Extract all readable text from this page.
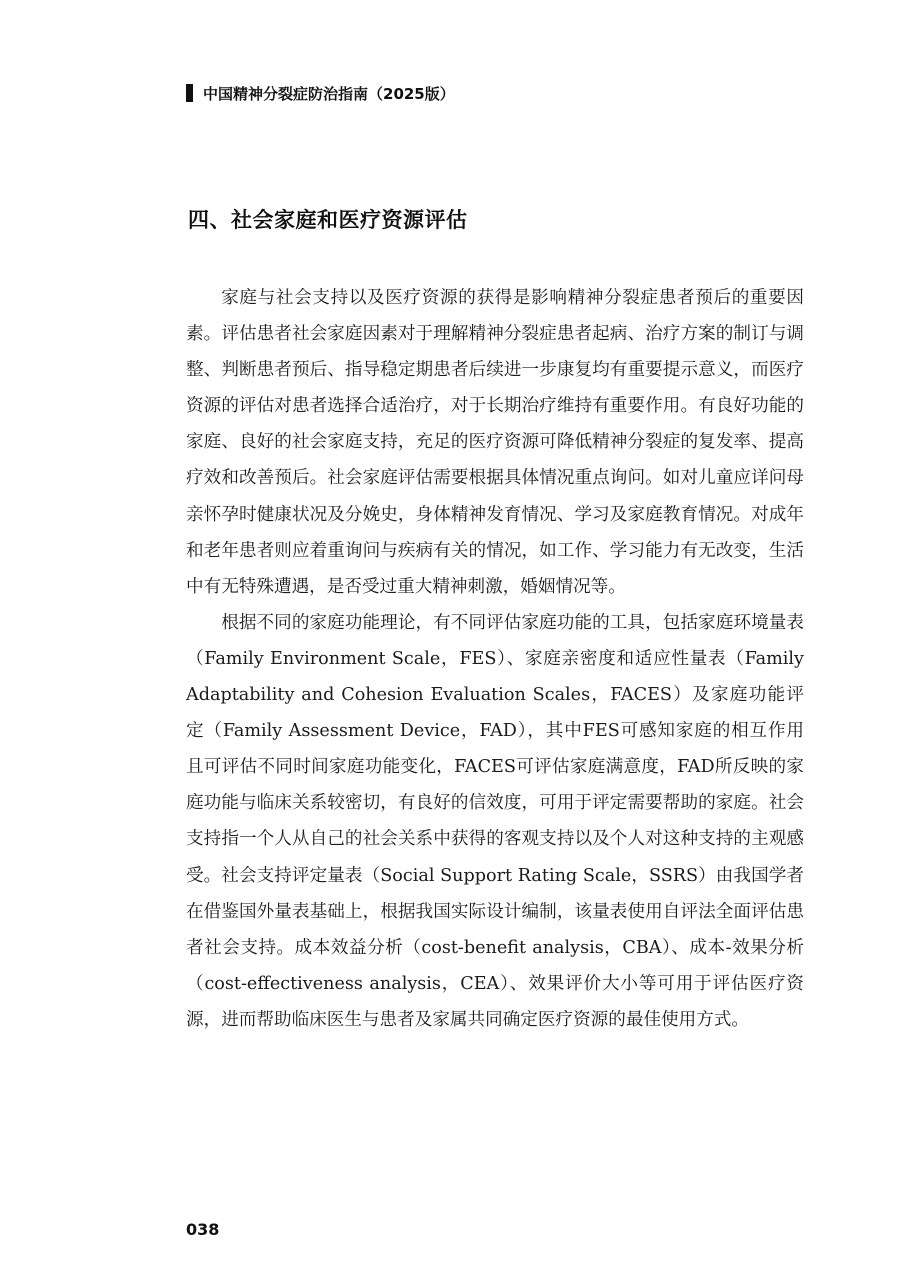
中国精神分裂症防治指南（2025版）
四、社会家庭和医疗资源评估

家庭与社会支持以及医疗资源的获得是影响精神分裂症患者预后的重要因素。评估患者社会家庭因素对于理解精神分裂症患者起病、治疗方案的制订与调整、判断患者预后、指导稳定期患者后续进一步康复均有重要提示意义，而医疗资源的评估对患者选择合适治疗，对于长期治疗维持有重要作用。有良好功能的家庭、良好的社会家庭支持，充足的医疗资源可降低精神分裂症的复发率、提高疗效和改善预后。社会家庭评估需要根据具体情况重点询问。如对儿童应详问母亲怀孕时健康状况及分娩史，身体精神发育情况、学习及家庭教育情况。对成年和老年患者则应着重询问与疾病有关的情况，如工作、学习能力有无改变，生活中有无特殊遭遇，是否受过重大精神刺激，婚姻情况等。

根据不同的家庭功能理论，有不同评估家庭功能的工具，包括家庭环境量表（Family Environment Scale，FES）、家庭亲密度和适应性量表（Family Adaptability and Cohesion Evaluation Scales，FACES）及家庭功能评定（Family Assessment Device，FAD），其中FES可感知家庭的相互作用且可评估不同时间家庭功能变化，FACES可评估家庭满意度，FAD所反映的家庭功能与临床关系较密切，有良好的信效度，可用于评定需要帮助的家庭。社会支持指一个人从自己的社会关系中获得的客观支持以及个人对这种支持的主观感受。社会支持评定量表（Social Support Rating Scale，SSRS）由我国学者在借鉴国外量表基础上，根据我国实际设计编制，该量表使用自评法全面评估患者社会支持。成本效益分析（cost-benefit analysis，CBA）、成本-效果分析（cost-effectiveness analysis，CEA）、效果评价大小等可用于评估医疗资源，进而帮助临床医生与患者及家属共同确定医疗资源的最佳使用方式。

038
